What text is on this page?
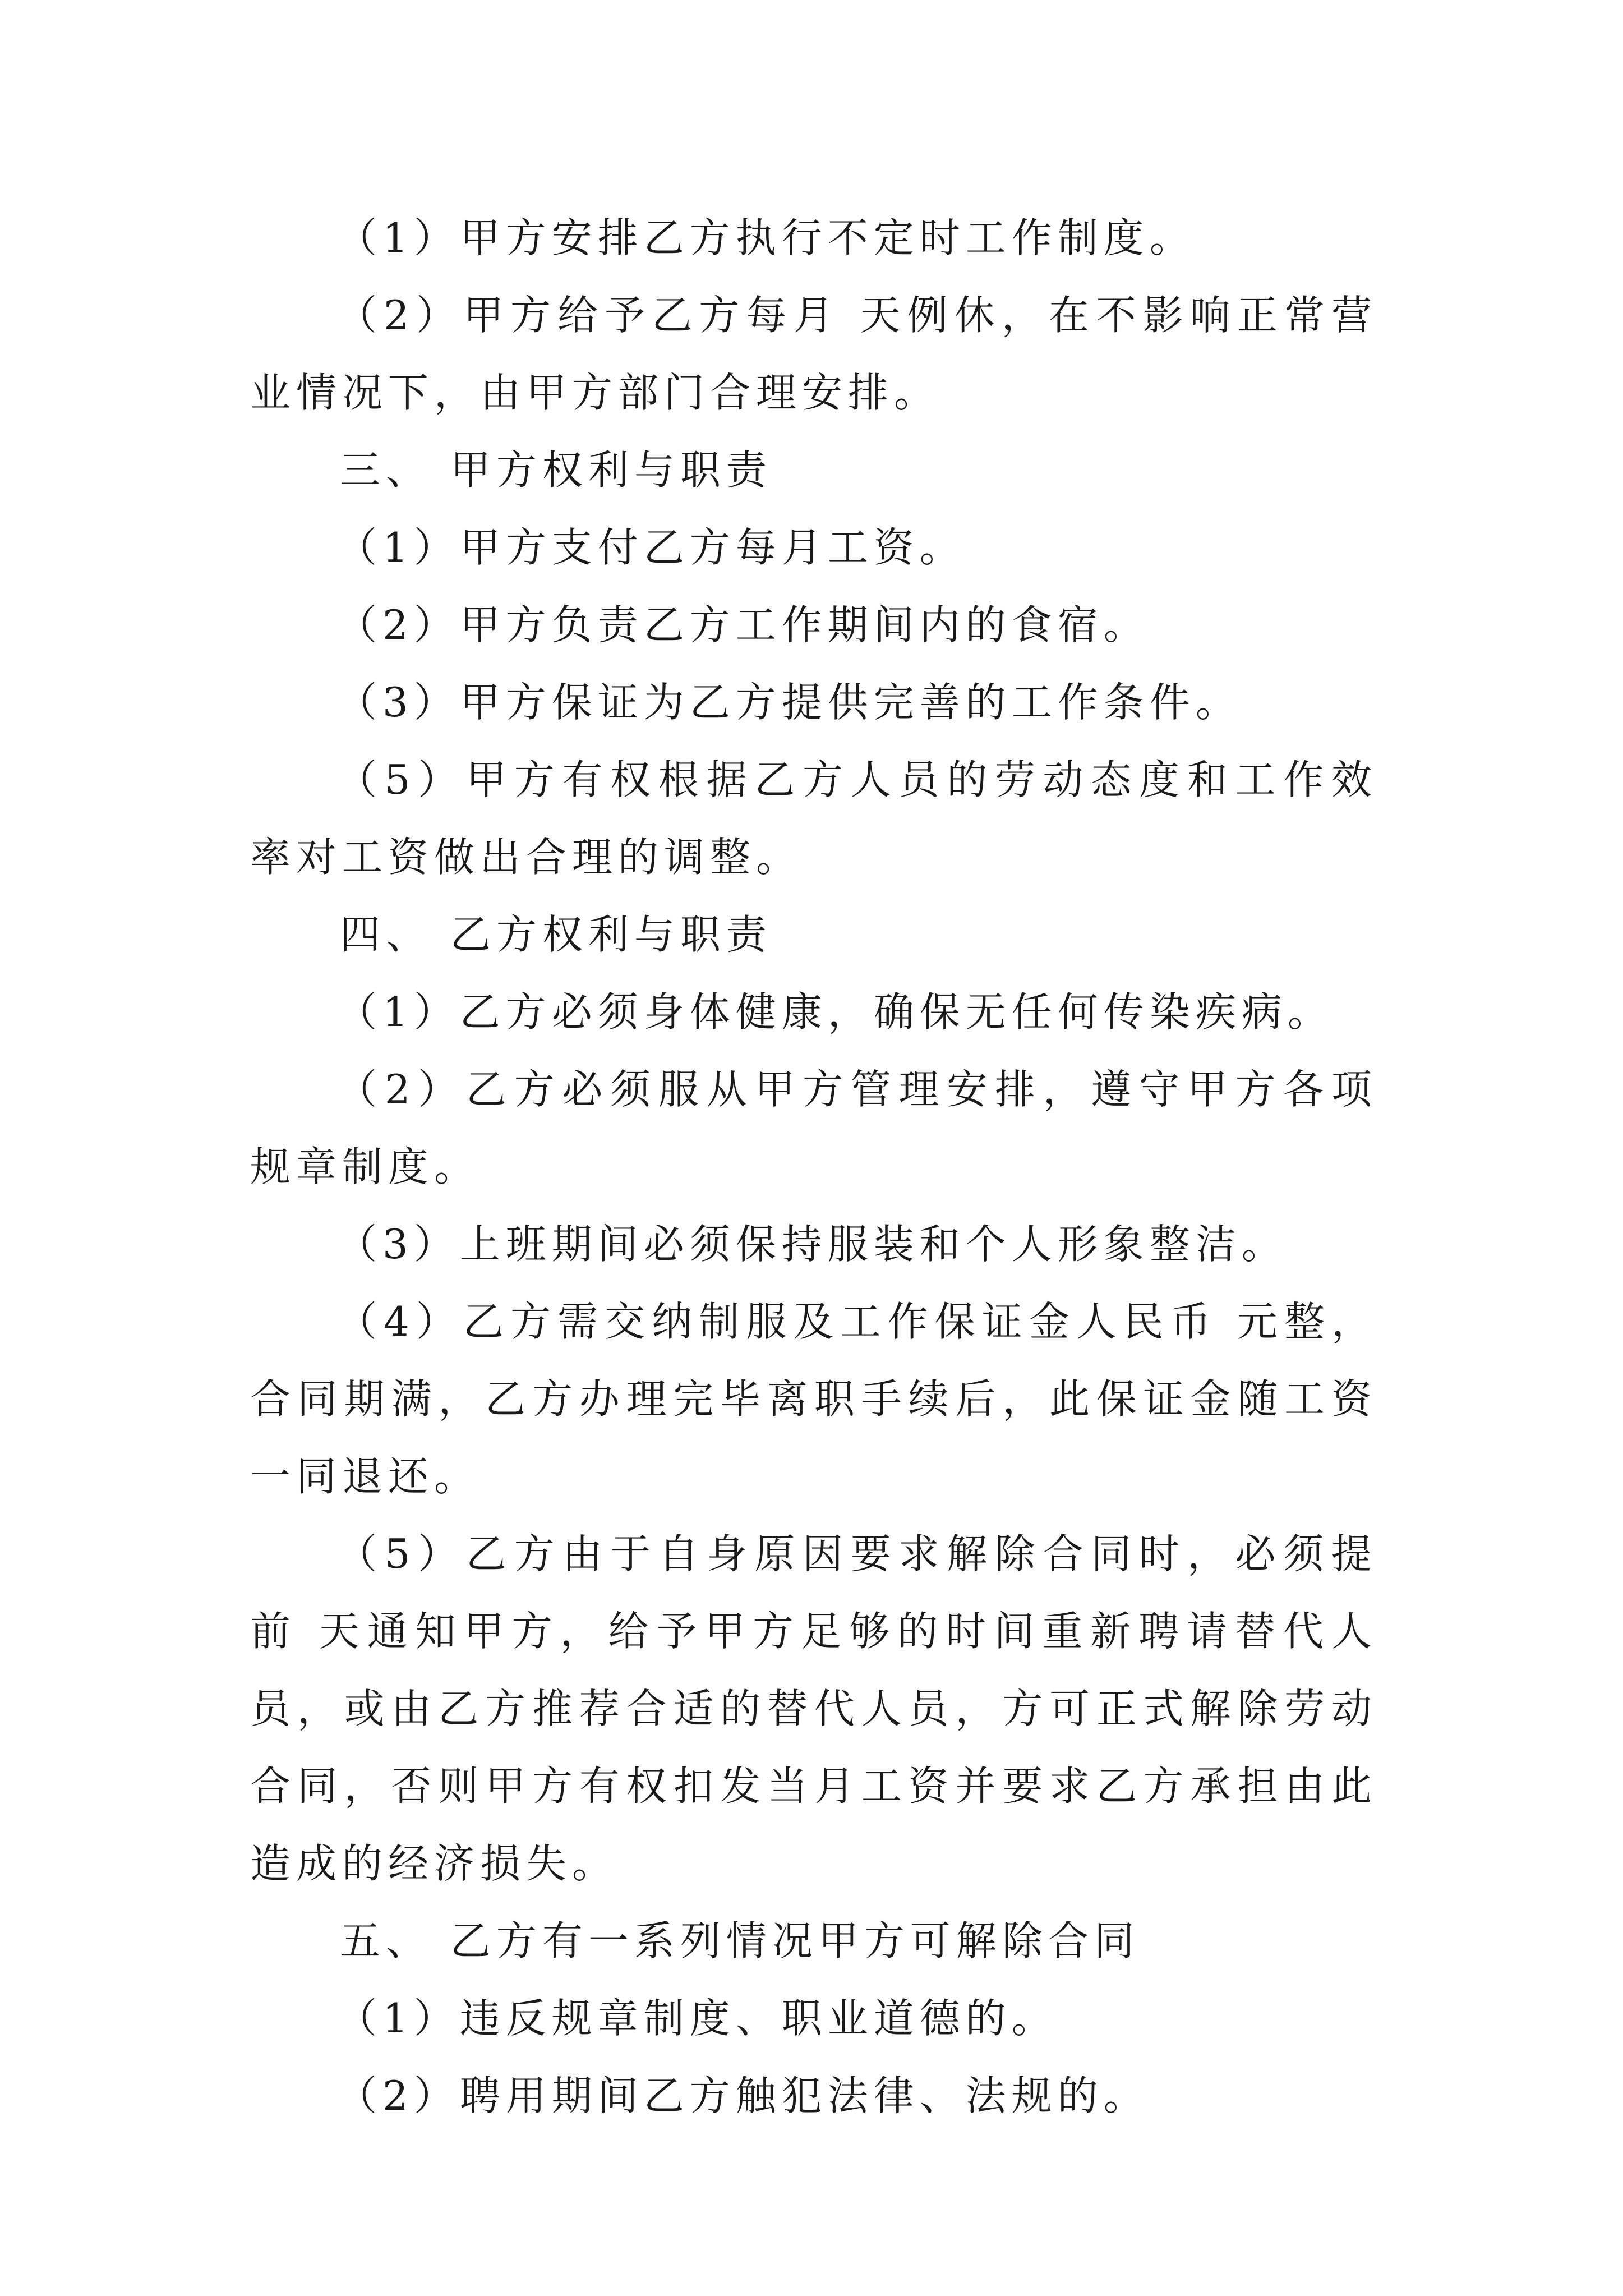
（1）甲方安排乙方执行不定时工作制度。

（2）甲方给予乙方每月 天例休，在不影响正常营业情况下，由甲方部门合理安排。

三、 甲方权利与职责

（1）甲方支付乙方每月工资。

（2）甲方负责乙方工作期间内的食宿。

（3）甲方保证为乙方提供完善的工作条件。

（5）甲方有权根据乙方人员的劳动态度和工作效率对工资做出合理的调整。

四、 乙方权利与职责

（1）乙方必须身体健康，确保无任何传染疾病。

（2）乙方必须服从甲方管理安排，遵守甲方各项规章制度。

（3）上班期间必须保持服装和个人形象整洁。

（4）乙方需交纳制服及工作保证金人民币 元整，合同期满，乙方办理完毕离职手续后，此保证金随工资一同退还。

（5）乙方由于自身原因要求解除合同时，必须提前 天通知甲方，给予甲方足够的时间重新聘请替代人员，或由乙方推荐合适的替代人员，方可正式解除劳动合同，否则甲方有权扣发当月工资并要求乙方承担由此造成的经济损失。

五、 乙方有一系列情况甲方可解除合同

（1）违反规章制度、职业道德的。

（2）聘用期间乙方触犯法律、法规的。
